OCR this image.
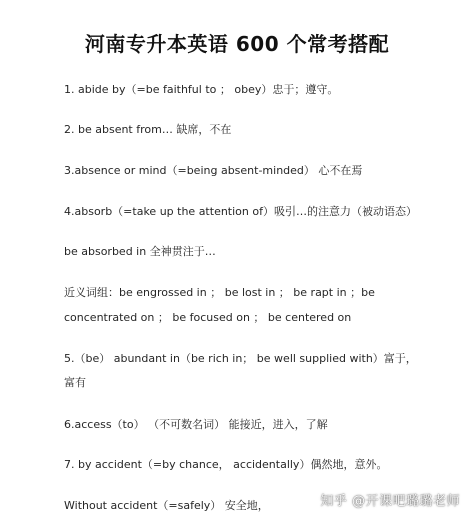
河南专升本英语 600 个常考搭配
1. abide by（=be faithful to ； obey）忠于；遵守。
2. be absent from… 缺席，不在
3.absence or mind（=being absent-minded） 心不在焉
4.absorb（=take up the attention of）吸引…的注意力（被动语态）
be absorbed in 全神贯注于…
近义词组：be engrossed in ； be lost in ； be rapt in ；be
concentrated on ； be focused on ； be centered on
5.（be） abundant in（be rich in； be well supplied with）富于，
富有
6.access（to） （不可数名词） 能接近，进入，了解
7. by accident（=by chance， accidentally）偶然地，意外。
Without accident（=safely） 安全地，	知乎 @开课吧璐璐老师
